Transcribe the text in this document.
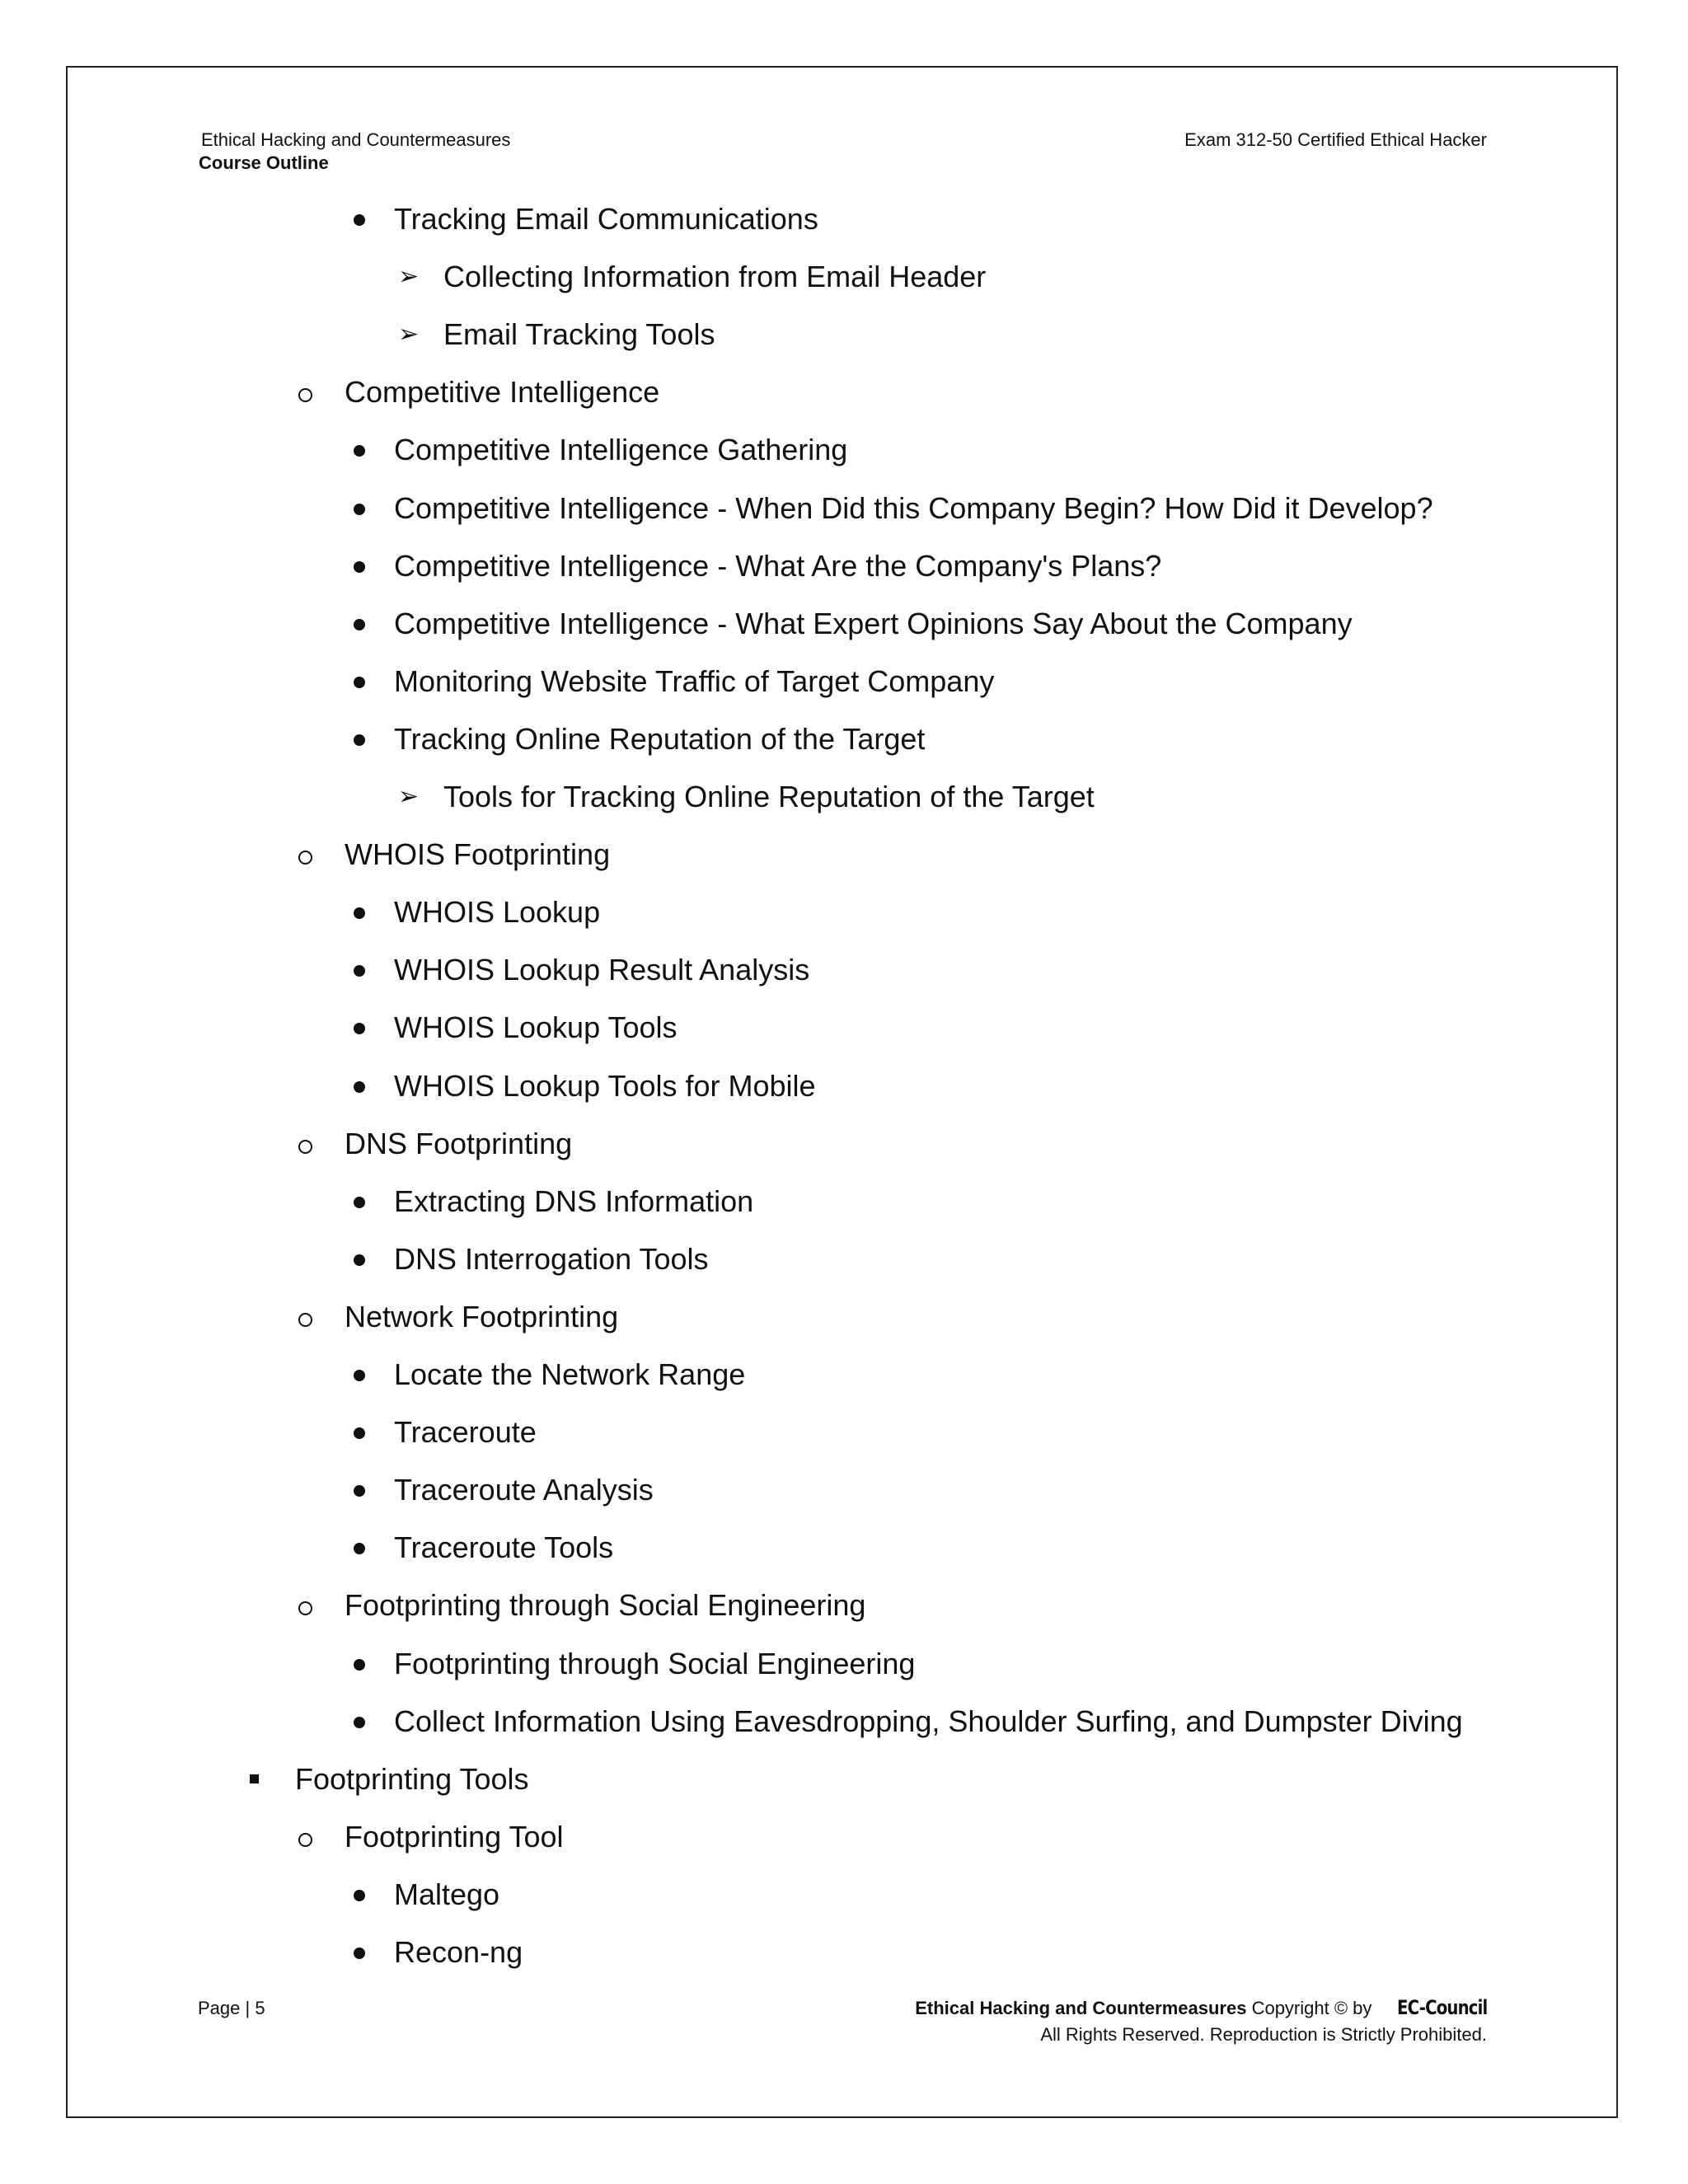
Ethical Hacking and Countermeasures
Course Outline
Exam 312-50 Certified Ethical Hacker
Tracking Email Communications
➢ Collecting Information from Email Header
➢ Email Tracking Tools
Competitive Intelligence
Competitive Intelligence Gathering
Competitive Intelligence - When Did this Company Begin? How Did it Develop?
Competitive Intelligence - What Are the Company's Plans?
Competitive Intelligence - What Expert Opinions Say About the Company
Monitoring Website Traffic of Target Company
Tracking Online Reputation of the Target
➢ Tools for Tracking Online Reputation of the Target
WHOIS Footprinting
WHOIS Lookup
WHOIS Lookup Result Analysis
WHOIS Lookup Tools
WHOIS Lookup Tools for Mobile
DNS Footprinting
Extracting DNS Information
DNS Interrogation Tools
Network Footprinting
Locate the Network Range
Traceroute
Traceroute Analysis
Traceroute Tools
Footprinting through Social Engineering
Footprinting through Social Engineering
Collect Information Using Eavesdropping, Shoulder Surfing, and Dumpster Diving
Footprinting Tools
Footprinting Tool
Maltego
Recon-ng
Page | 5	Ethical Hacking and Countermeasures Copyright © by EC-Council
All Rights Reserved. Reproduction is Strictly Prohibited.
